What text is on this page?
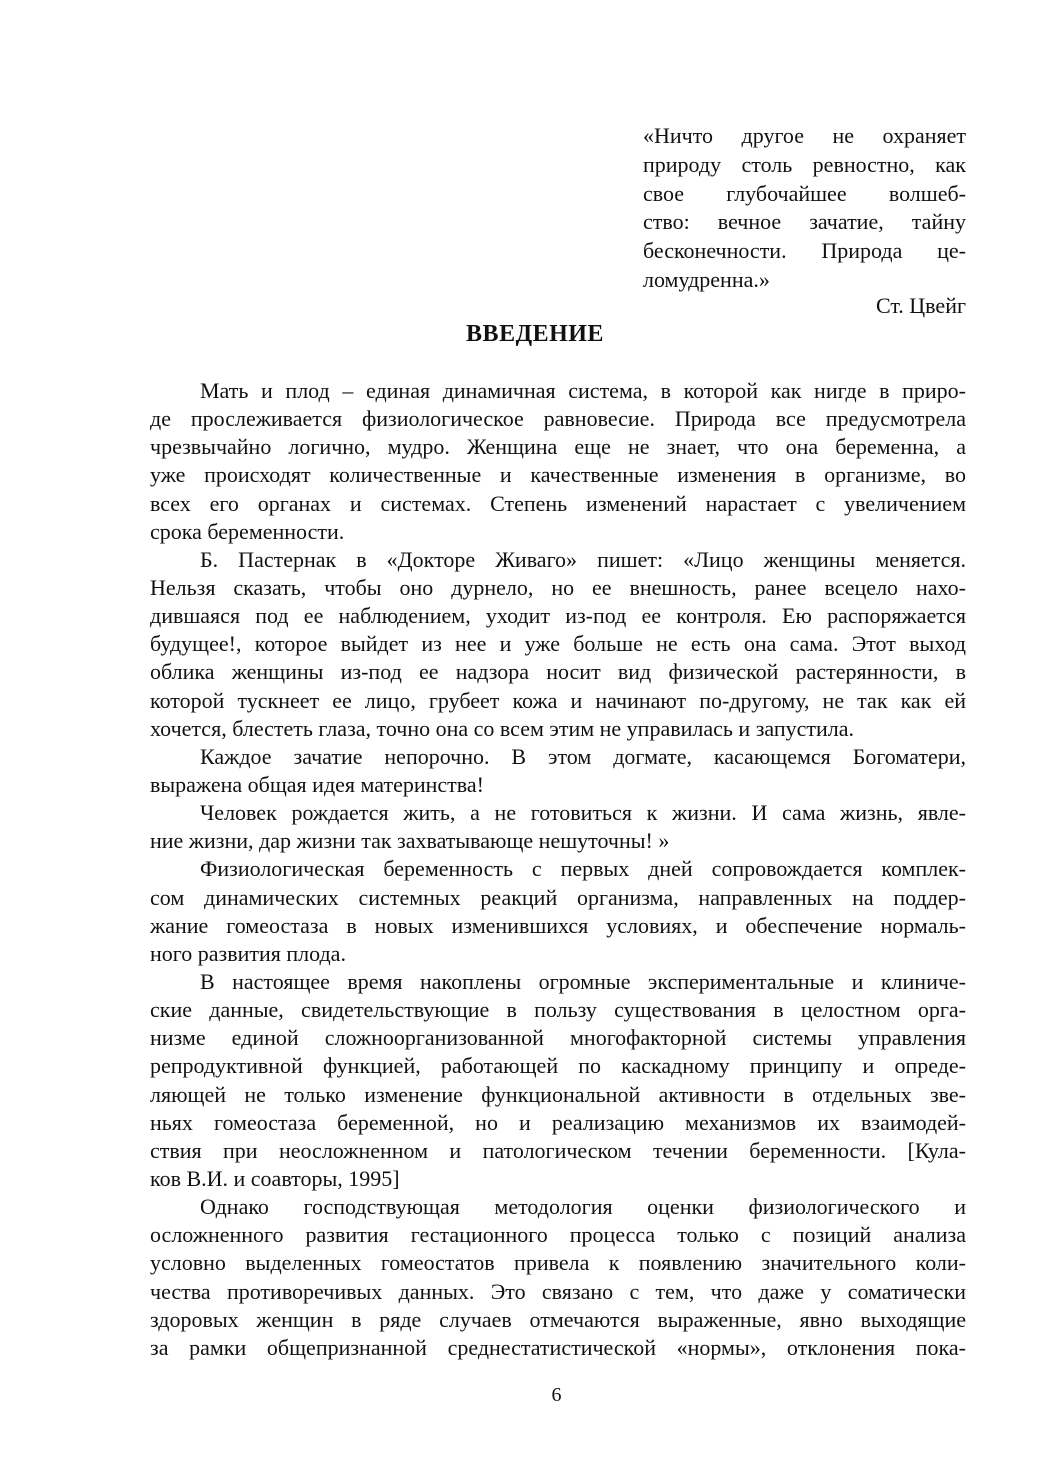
«Ничто другое не охраняет
природу столь ревностно, как
свое глубочайшее волшеб-
ство: вечное зачатие, тайну
бесконечности. Природа це-
ломудренна.»
Ст. Цвейг
ВВЕДЕНИЕ
Мать и плод – единая динамичная система, в которой как нигде в приро-
де прослеживается физиологическое равновесие. Природа все предусмотрела
чрезвычайно логично, мудро. Женщина еще не знает, что она беременна, а
уже происходят количественные и качественные изменения в организме, во
всех его органах и системах. Степень изменений нарастает с увеличением
срока беременности.
Б. Пастернак в «Докторе Живаго» пишет: «Лицо женщины меняется.
Нельзя сказать, чтобы оно дурнело, но ее внешность, ранее всецело нахо-
дившаяся под ее наблюдением, уходит из-под ее контроля. Ею распоряжается
будущее!, которое выйдет из нее и уже больше не есть она сама. Этот выход
облика женщины из-под ее надзора носит вид физической растерянности, в
которой тускнеет ее лицо, грубеет кожа и начинают по-другому, не так как ей
хочется, блестеть глаза, точно она со всем этим не управилась и запустила.
Каждое зачатие непорочно. В этом догмате, касающемся Богоматери,
выражена общая идея материнства!
Человек рождается жить, а не готовиться к жизни. И сама жизнь, явле-
ние жизни, дар жизни так захватывающе нешуточны! »
Физиологическая беременность с первых дней сопровождается комплек-
сом динамических системных реакций организма, направленных на поддер-
жание гомеостаза в новых изменившихся условиях, и обеспечение нормаль-
ного развития плода.
В настоящее время накоплены огромные экспериментальные и клиниче-
ские данные, свидетельствующие в пользу существования в целостном орга-
низме единой сложноорганизованной многофакторной системы управления
репродуктивной функцией, работающей по каскадному принципу и опреде-
ляющей не только изменение функциональной активности в отдельных зве-
ньях гомеостаза беременной, но и реализацию механизмов их взаимодей-
ствия при неосложненном и патологическом течении беременности. [Кула-
ков В.И. и соавторы, 1995]
Однако господствующая методология оценки физиологического и
осложненного развития гестационного процесса только с позиций анализа
условно выделенных гомеостатов привела к появлению значительного коли-
чества противоречивых данных. Это связано с тем, что даже у соматически
здоровых женщин в ряде случаев отмечаются выраженные, явно выходящие
за рамки общепризнанной среднестатистической «нормы», отклонения пока-
6
